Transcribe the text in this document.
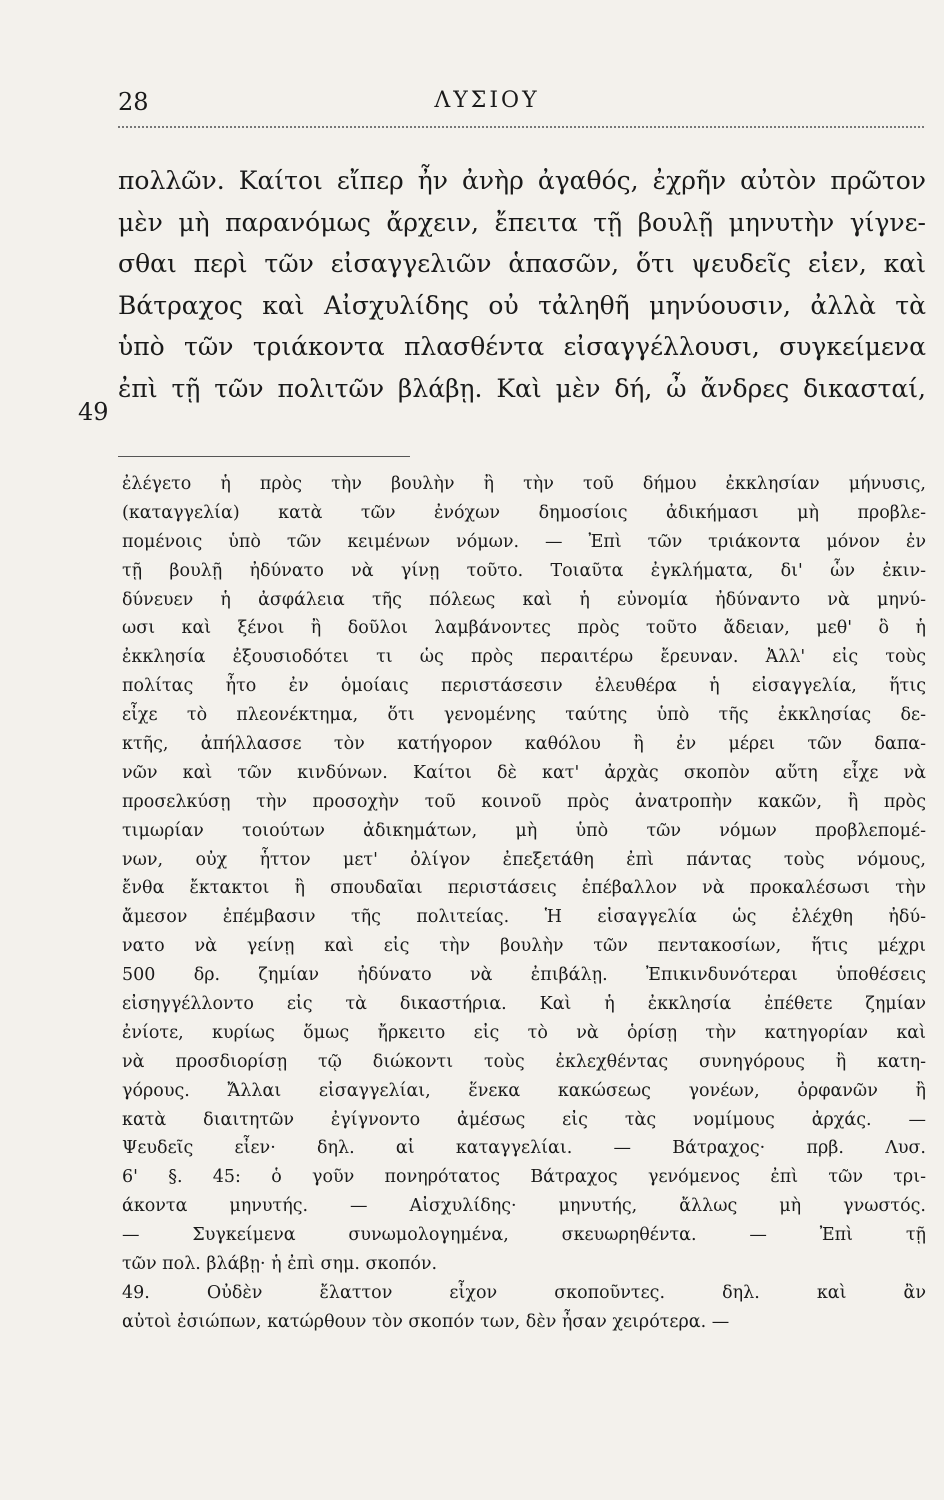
28	ΛΥΣΙΟΥ
πολλῶν. Καίτοι εἴπερ ἦν ἀνὴρ ἀγαθός, ἐχρῆν αὐτὸν πρῶτον
μὲν μὴ παρανόμως ἄρχειν, ἔπειτα τῇ βουλῇ μηνυτὴν γίγνε-
σθαι περὶ τῶν εἰσαγγελιῶν ἁπασῶν, ὅτι ψευδεῖς εἰεν, καὶ
Βάτραχος καὶ Αἰσχυλίδης οὐ τἀληθῆ μηνύουσιν, ἀλλὰ τὰ
ὑπὸ τῶν τριάκοντα πλασθέντα εἰσαγγέλλουσι, συγκείμενα
ἐπὶ τῇ τῶν πολιτῶν βλάβῃ. Καὶ μὲν δή, ὦ ἄνδρες δικασταί,
49
ἐλέγετο ἡ πρὸς τὴν βουλὴν ἢ τὴν τοῦ δήμου ἐκκλησίαν μήνυσις,
(καταγγελία) κατὰ τῶν ἐνόχων δημοσίοις ἀδικήμασι μὴ προβλε-
πομένοις ὑπὸ τῶν κειμένων νόμων. — Ἐπὶ τῶν τριάκοντα μόνον ἐν
τῇ βουλῇ ἠδύνατο νὰ γίνῃ τοῦτο. Τοιαῦτα ἐγκλήματα, δι' ὧν ἐκιν-
δύνευεν ἡ ἀσφάλεια τῆς πόλεως καὶ ἡ εὐνομία ἠδύναντο νὰ μηνύ-
ωσι καὶ ξένοι ἢ δοῦλοι λαμβάνοντες πρὸς τοῦτο ἄδειαν, μεθ' ὃ ἡ
ἐκκλησία ἐξουσιοδότει τι ὡς πρὸς περαιτέρω ἔρευναν. Ἀλλ' εἰς τοὺς
πολίτας ἦτο ἐν ὁμοίαις περιστάσεσιν ἐλευθέρα ἡ εἰσαγγελία, ἥτις
εἶχε τὸ πλεονέκτημα, ὅτι γενομένης ταύτης ὑπὸ τῆς ἐκκλησίας δε-
κτῆς, ἀπήλλασσε τὸν κατήγορον καθόλου ἢ ἐν μέρει τῶν δαπα-
νῶν καὶ τῶν κινδύνων. Καίτοι δὲ κατ' ἀρχὰς σκοπὸν αὕτη εἶχε νὰ
προσελκύσῃ τὴν προσοχὴν τοῦ κοινοῦ πρὸς ἀνατροπὴν κακῶν, ἢ πρὸς
τιμωρίαν τοιούτων ἀδικημάτων, μὴ ὑπὸ τῶν νόμων προβλεπομέ-
νων, οὐχ ἧττον μετ' ὀλίγον ἐπεξετάθη ἐπὶ πάντας τοὺς νόμους,
ἔνθα ἔκτακτοι ἢ σπουδαῖαι περιστάσεις ἐπέβαλλον νὰ προκαλέσωσι τὴν
ἄμεσον ἐπέμβασιν τῆς πολιτείας. Ἡ εἰσαγγελία ὡς ἐλέχθη ἠδύ-
νατο νὰ γείνῃ καὶ εἰς τὴν βουλὴν τῶν πεντακοσίων, ἥτις μέχρι
500 δρ. ζημίαν ἠδύνατο νὰ ἐπιβάλῃ. Ἐπικινδυνότεραι ὑποθέσεις
εἰσηγγέλλοντο εἰς τὰ δικαστήρια. Καὶ ἡ ἐκκλησία ἐπέθετε ζημίαν
ἐνίοτε, κυρίως ὅμως ἤρκειτο εἰς τὸ νὰ ὁρίσῃ τὴν κατηγορίαν καὶ
νὰ προσδιορίσῃ τῷ διώκοντι τοὺς ἐκλεχθέντας συνηγόρους ἢ κατη-
γόρους. Ἄλλαι εἰσαγγελίαι, ἕνεκα κακώσεως γονέων, ὀρφανῶν ἢ
κατὰ διαιτητῶν ἐγίγνοντο ἀμέσως εἰς τὰς νομίμους ἀρχάς. —
Ψευδεῖς εἶεν· δηλ. αἱ καταγγελίαι. — Βάτραχος· πρβ. Λυσ.
6' §. 45: ὁ γοῦν πονηρότατος Βάτραχος γενόμενος ἐπὶ τῶν τρι-
άκοντα μηνυτής. — Αἰσχυλίδης· μηνυτής, ἄλλως μὴ γνωστός.
— Συγκείμενα συνωμολογημένα, σκευωρηθέντα. — Ἐπὶ τῇ
τῶν πολ. βλάβῃ· ἡ ἐπὶ σημ. σκοπόν.
49. Οὐδὲν ἔλαττον εἶχον σκοποῦντες. δηλ. καὶ ἂν
αὐτοὶ ἐσιώπων, κατώρθουν τὸν σκοπόν των, δὲν ἦσαν χειρότερα. —
